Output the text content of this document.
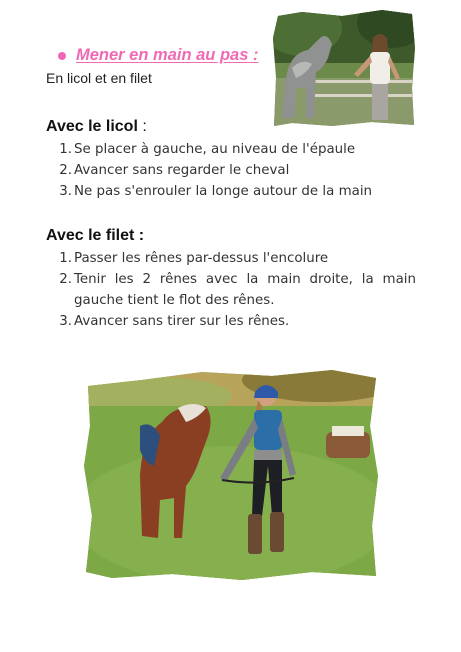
Mener en main au pas :
En licol et en filet
Avec le licol :
1. Se placer à gauche, au niveau de l'épaule
2. Avancer sans regarder le cheval
3. Ne pas s'enrouler la longe autour de la main
Avec le filet :
1. Passer les rênes par-dessus l'encolure
2. Tenir les 2 rênes avec la main droite, la main gauche tient le flot des rênes.
3. Avancer sans tirer sur les rênes.
